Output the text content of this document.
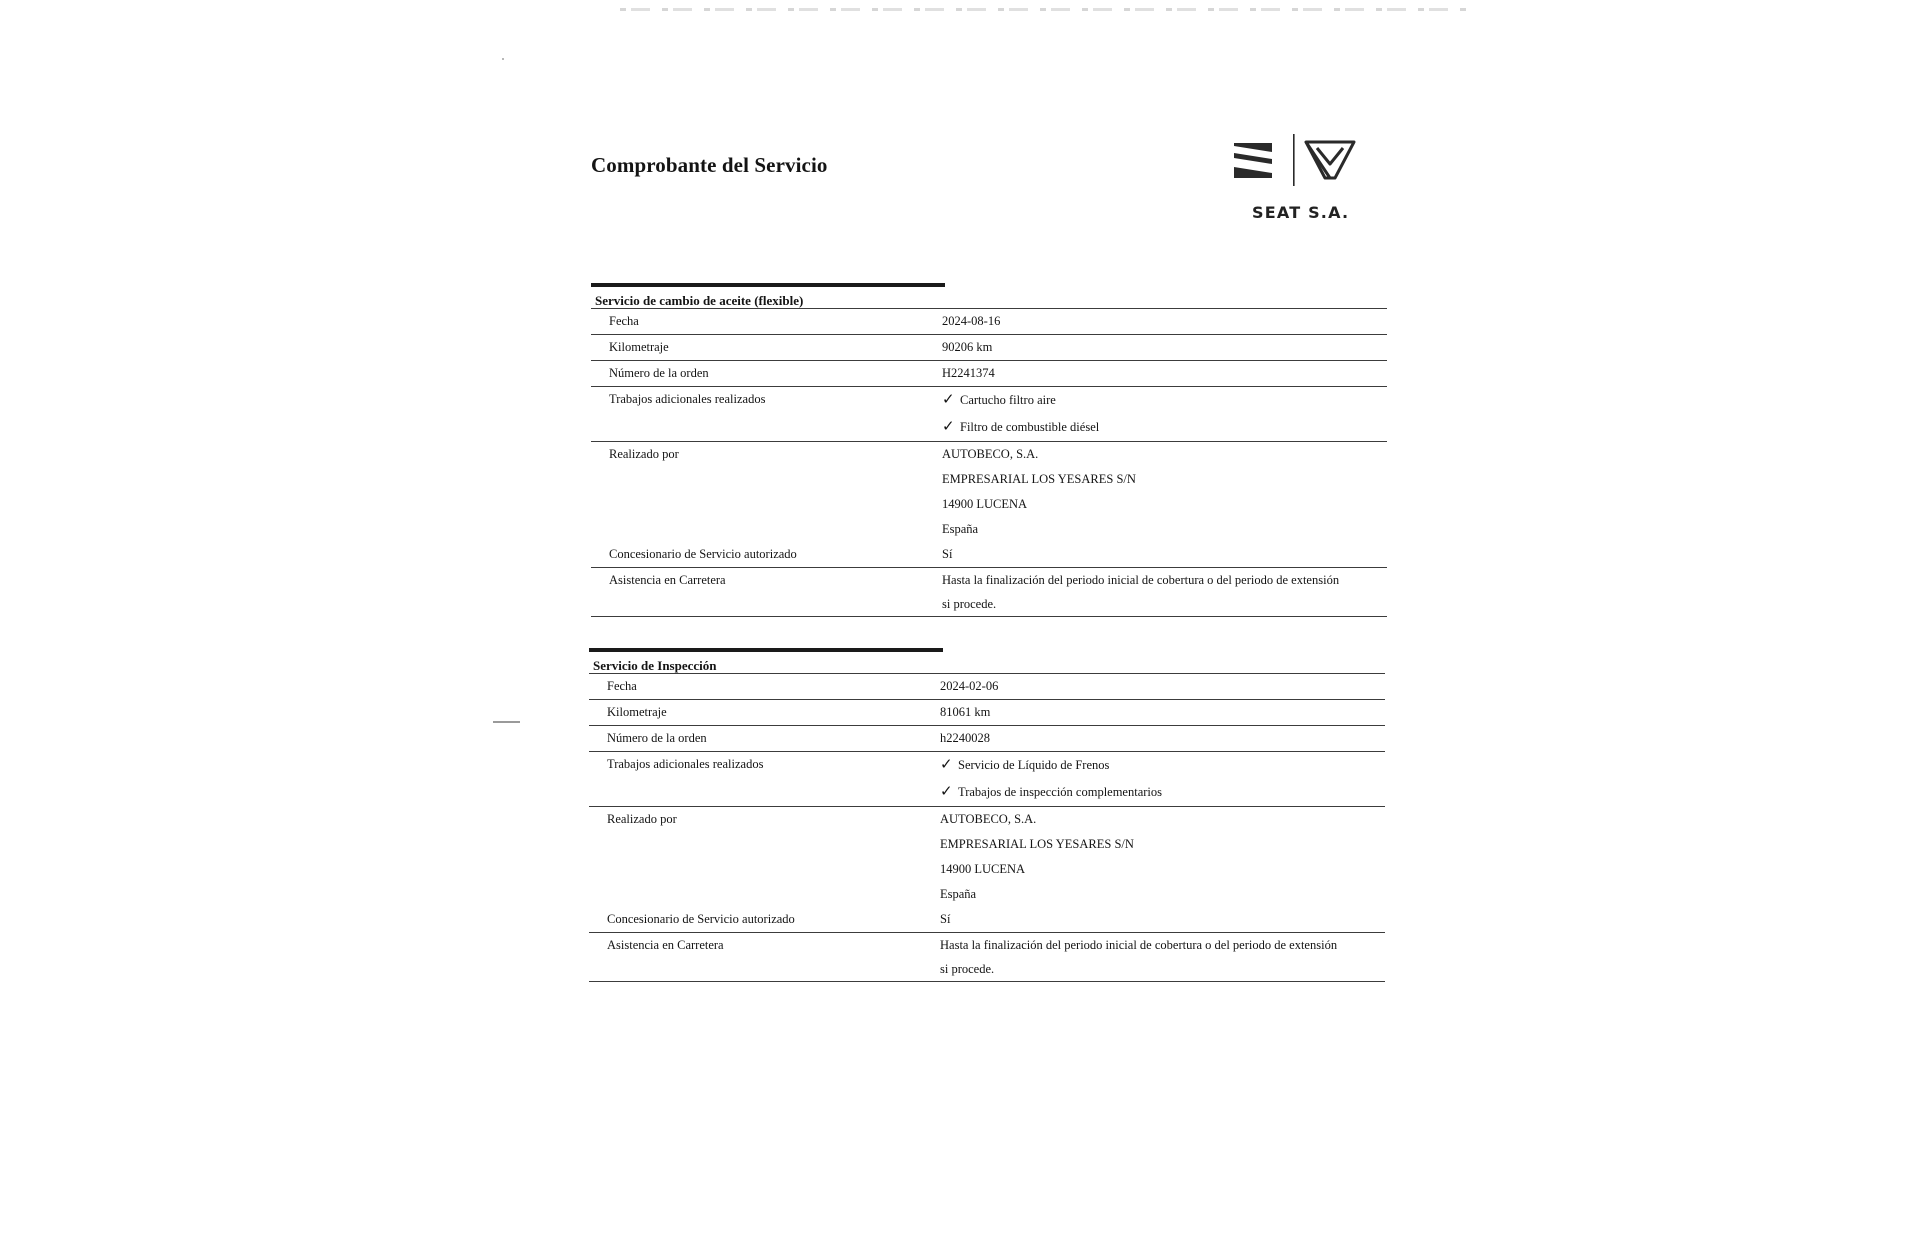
Comprobante del Servicio
SEAT S.A.
Servicio de cambio de aceite (flexible)
Fecha	2024-08-16
Kilometraje	90206 km
Número de la orden	H2241374
Trabajos adicionales realizados	✓ Cartucho filtro aire
✓ Filtro de combustible diésel
Realizado por	AUTOBECO, S.A.
EMPRESARIAL LOS YESARES S/N
14900 LUCENA
España
Concesionario de Servicio autorizado	Sí
Asistencia en Carretera	Hasta la finalización del periodo inicial de cobertura o del periodo de extensión
si procede.
Servicio de Inspección
Fecha	2024-02-06
Kilometraje	81061 km
Número de la orden	h2240028
Trabajos adicionales realizados	✓ Servicio de Líquido de Frenos
✓ Trabajos de inspección complementarios
Realizado por	AUTOBECO, S.A.
EMPRESARIAL LOS YESARES S/N
14900 LUCENA
España
Concesionario de Servicio autorizado	Sí
Asistencia en Carretera	Hasta la finalización del periodo inicial de cobertura o del periodo de extensión
si procede.
